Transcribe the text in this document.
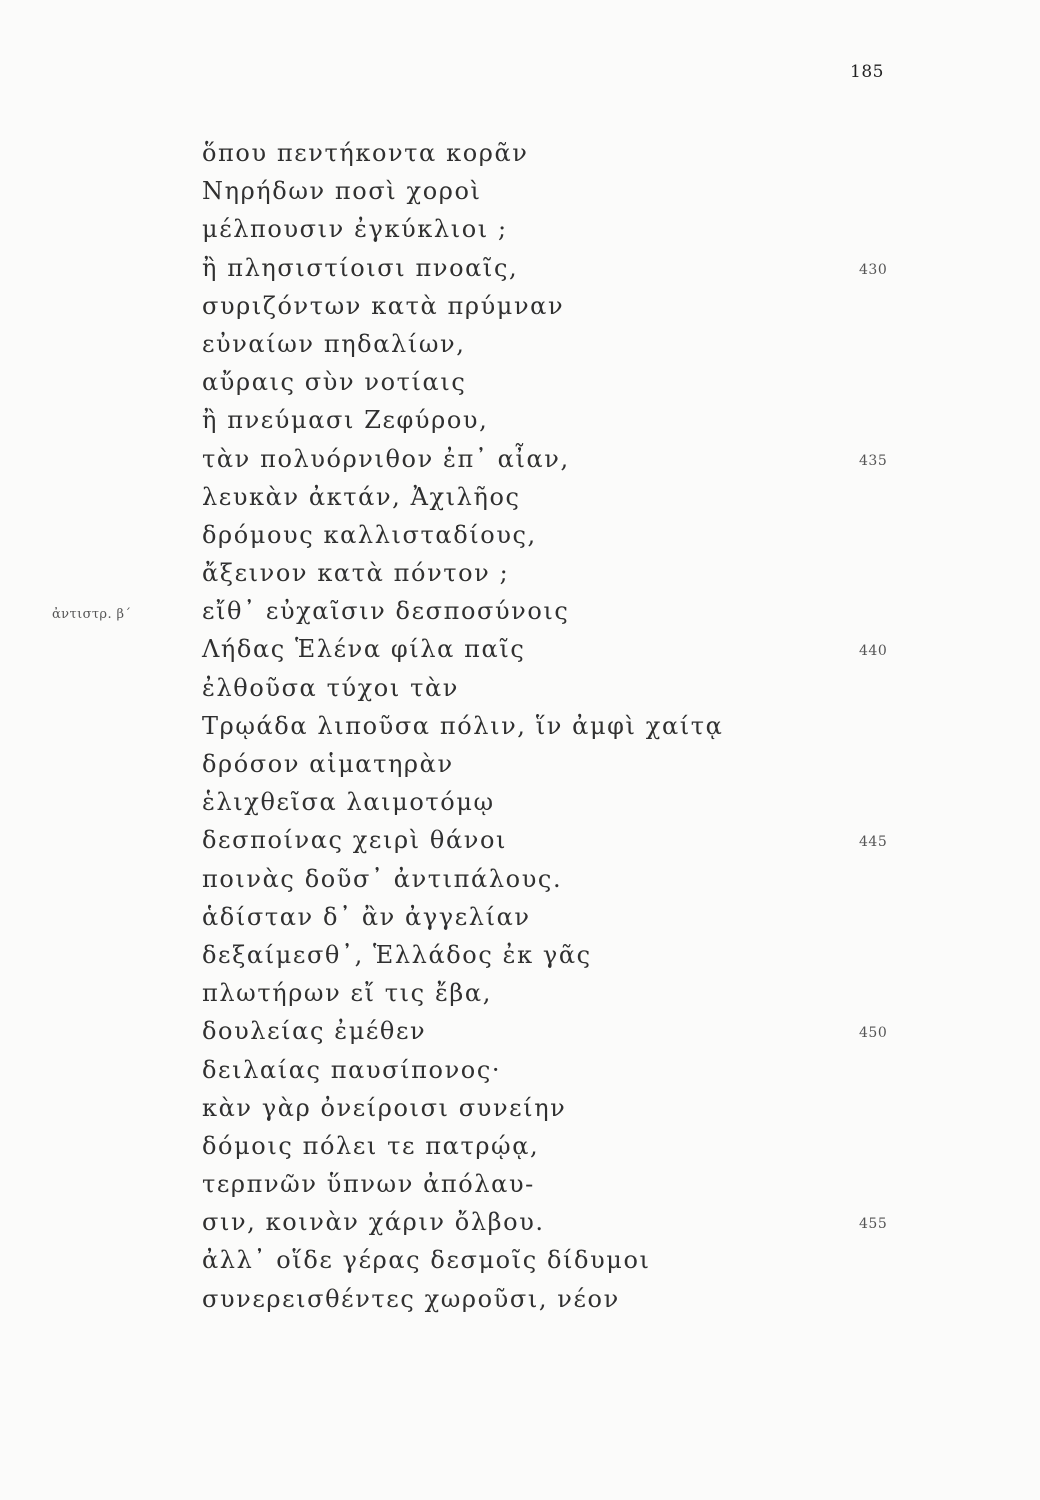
185
ὅπου πεντήκοντα κορᾶν
Νηρήδων ποσὶ χοροὶ
μέλπουσιν ἐγκύκλιοι ;
ἢ πλησιστίοισι πνοαῖς,	430
συριζόντων κατὰ πρύμναν
εὐναίων πηδαλίων,
αὔραις σὺν νοτίαις
ἢ πνεύμασι Ζεφύρου,
τὰν πολυόρνιθον ἐπ᾽ αἶαν,	435
λευκὰν ἀκτάν, Ἀχιλῆος
δρόμους καλλισταδίους,
ἄξεινον κατὰ πόντον ;
εἴθ᾽ εὐχαῖσιν δεσποσύνοις
ἀντιστρ. β´
Λήδας Ἑλένα φίλα παῖς	440
ἐλθοῦσα τύχοι τὰν
Τρῳάδα λιποῦσα πόλιν, ἵν ἀμφὶ χαίτᾳ
δρόσον αἱματηρὰν
ἑλιχθεῖσα λαιμοτόμῳ
δεσποίνας χειρὶ θάνοι	445
ποινὰς δοῦσ᾽ ἀντιπάλους.
ἁδίσταν δ᾽ ἂν ἀγγελίαν
δεξαίμεσθ᾽, Ἑλλάδος ἐκ γᾶς
πλωτήρων εἴ τις ἔβα,
δουλείας ἐμέθεν	450
δειλαίας παυσίπονος·
κὰν γὰρ ὀνείροισι συνείην
δόμοις πόλει τε πατρῴᾳ,
τερπνῶν ὕπνων ἀπόλαυ-
σιν, κοινὰν χάριν ὄλβου.	455
ἀλλ᾽ οἵδε γέρας δεσμοῖς δίδυμοι
συνερεισθέντες χωροῦσι, νέον
